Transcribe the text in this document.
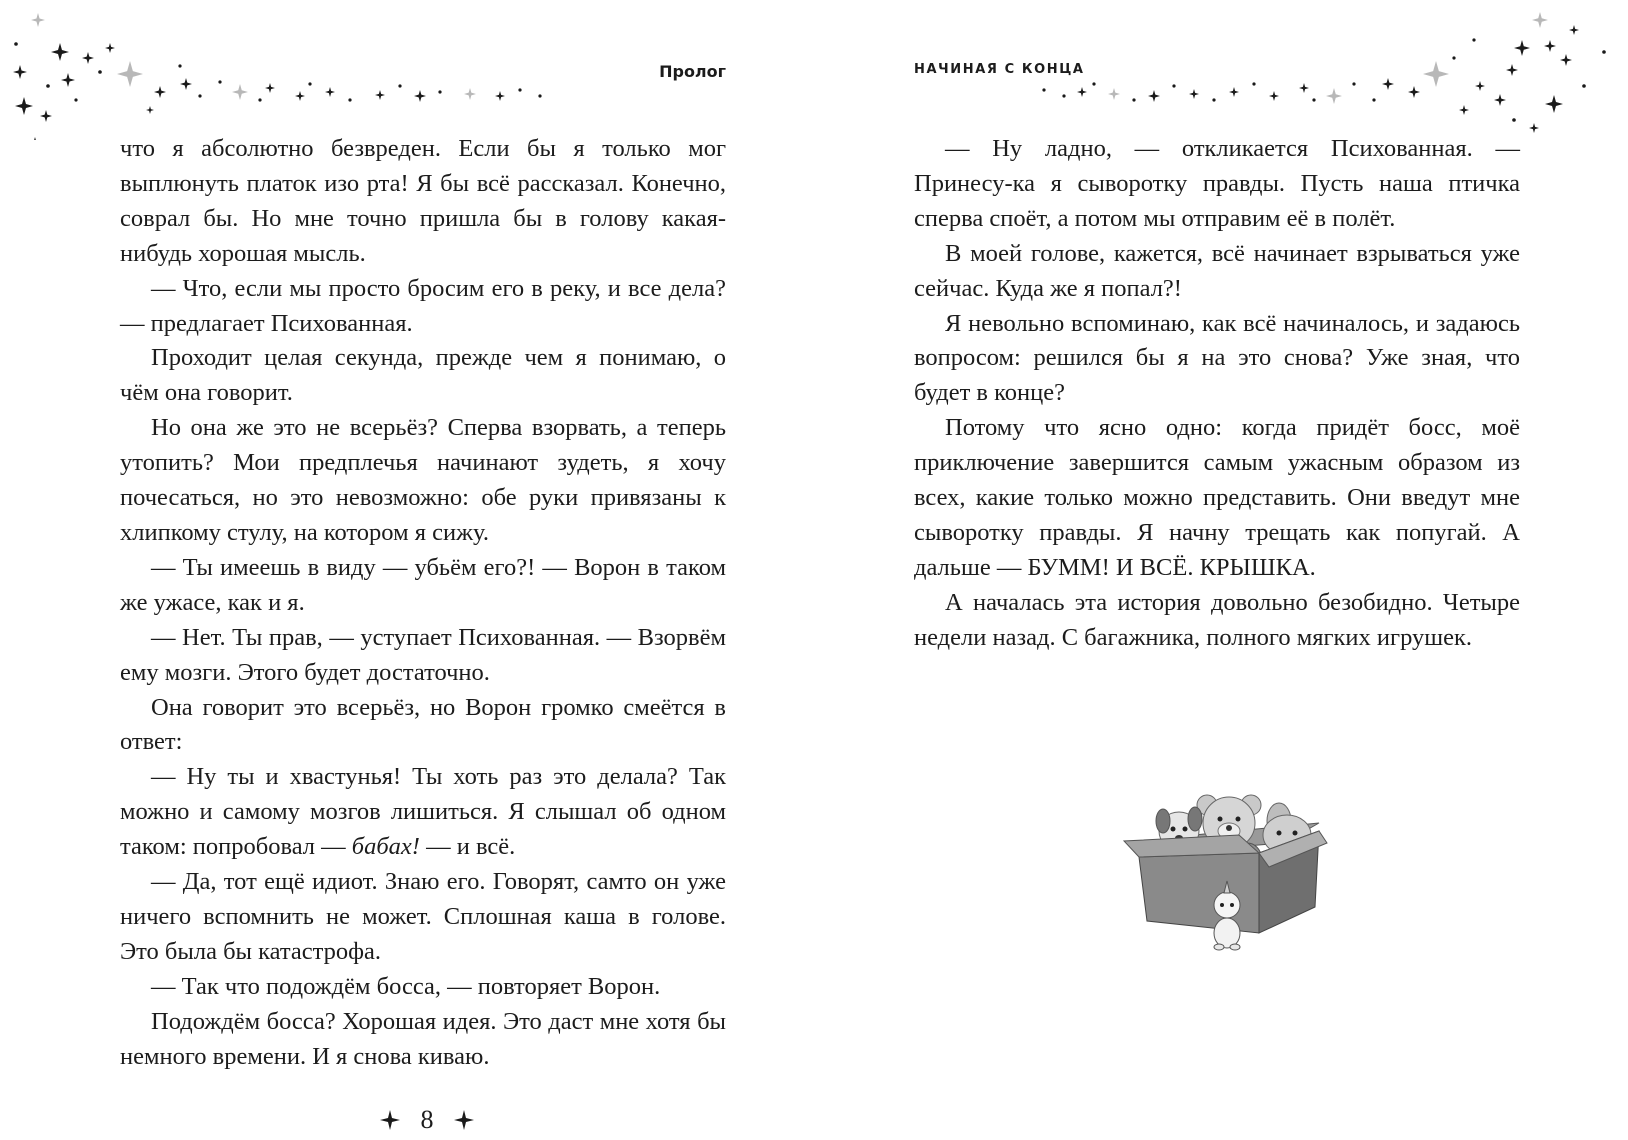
Пролог

что я абсолютно безвреден. Если бы я только мог выплюнуть платок изо рта! Я бы всё рассказал. Конечно, соврал бы. Но мне точно пришла бы в голову какая-нибудь хорошая мысль.

— Что, если мы просто бросим его в реку, и все дела? — предлагает Психованная.

Проходит целая секунда, прежде чем я понимаю, о чём она говорит.

Но она же это не всерьёз? Сперва взорвать, а теперь утопить? Мои предплечья начинают зудеть, я хочу почесаться, но это невозможно: обе руки привязаны к хлипкому стулу, на котором я сижу.

— Ты имеешь в виду — убьём его?! — Ворон в таком же ужасе, как и я.

— Нет. Ты прав, — уступает Психованная. — Взорвём ему мозги. Этого будет достаточно.

Она говорит это всерьёз, но Ворон громко смеётся в ответ:

— Ну ты и хвастунья! Ты хоть раз это делала? Так можно и самому мозгов лишиться. Я слышал об одном таком: попробовал — бабах! — и всё.

— Да, тот ещё идиот. Знаю его. Говорят, самто он уже ничего вспомнить не может. Сплошная каша в голове. Это была бы катастрофа.

— Так что подождём босса, — повторяет Ворон.

Подождём босса? Хорошая идея. Это даст мне хотя бы немного времени. И я снова киваю.

8
НАЧИНАЯ С КОНЦА

— Ну ладно, — откликается Психованная. — Принесу-ка я сыворотку правды. Пусть наша птичка сперва споёт, а потом мы отправим её в полёт.

В моей голове, кажется, всё начинает взрываться уже сейчас. Куда же я попал?!

Я невольно вспоминаю, как всё начиналось, и задаюсь вопросом: решился бы я на это снова? Уже зная, что будет в конце?

Потому что ясно одно: когда придёт босс, моё приключение завершится самым ужасным образом из всех, какие только можно представить. Они введут мне сыворотку правды. Я начну трещать как попугай. А дальше — БУММ! И ВСЁ. КРЫШКА.

А началась эта история довольно безобидно. Четыре недели назад. С багажника, полного мягких игрушек.
